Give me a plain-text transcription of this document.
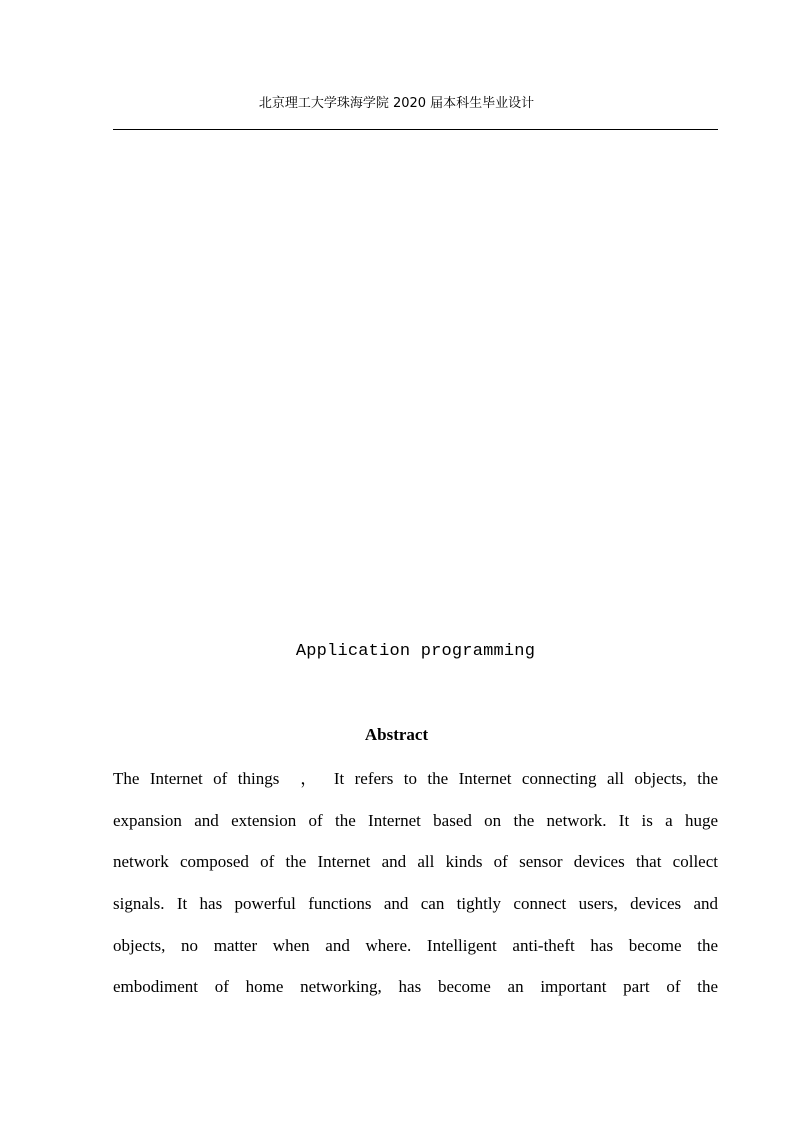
北京理工大学珠海学院 2020 届本科生毕业设计
Application programming
Abstract
The Internet of things  ， It refers to the Internet connecting all objects, the
expansion and extension of the Internet based on the network. It is a huge
network composed of the Internet and all kinds of sensor devices that collect
signals. It has powerful functions and can tightly connect users, devices and
objects, no matter when and where. Intelligent anti-theft has become the
embodiment of home networking, has become an important part of the
